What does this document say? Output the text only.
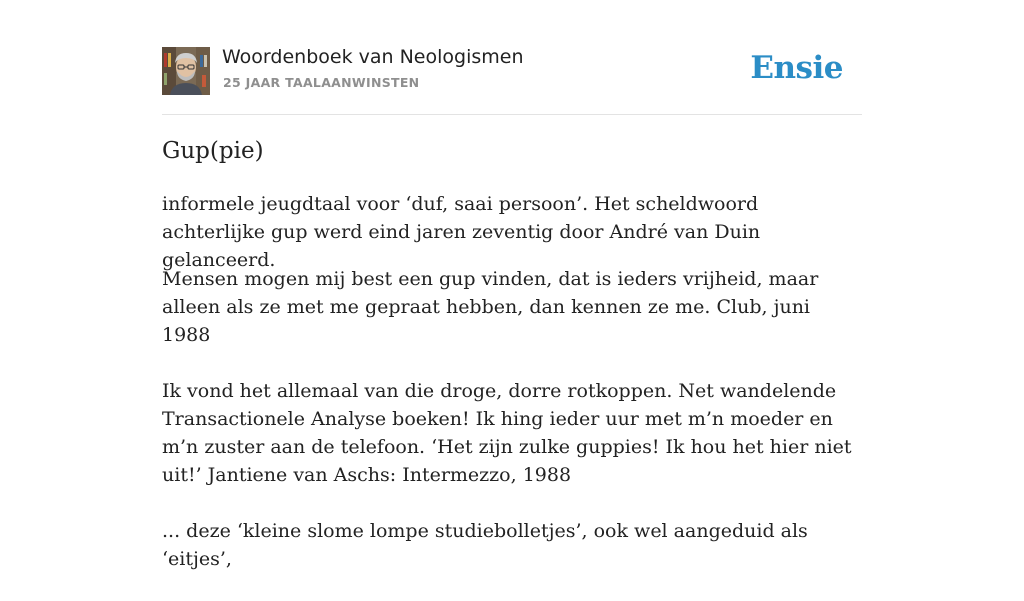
Woordenboek van Neologismen
25 JAAR TAALAANWINSTEN	Ensie
Gup(pie)
informele jeugdtaal voor ‘duf, saai persoon’. Het scheldwoord achterlijke gup werd eind jaren zeventig door André van Duin gelanceerd.

Mensen mogen mij best een gup vinden, dat is ieders vrijheid, maar alleen als ze met me gepraat hebben, dan kennen ze me. Club, juni 1988

Ik vond het allemaal van die droge, dorre rotkoppen. Net wandelende Transactionele Analyse boeken! Ik hing ieder uur met m’n moeder en m’n zuster aan de telefoon. ‘Het zijn zulke guppies! Ik hou het hier niet uit!’ Jantiene van Aschs: Intermezzo, 1988

... deze ‘kleine slome lompe studiebolletjes’, ook wel aangeduid als ‘eitjes’,
